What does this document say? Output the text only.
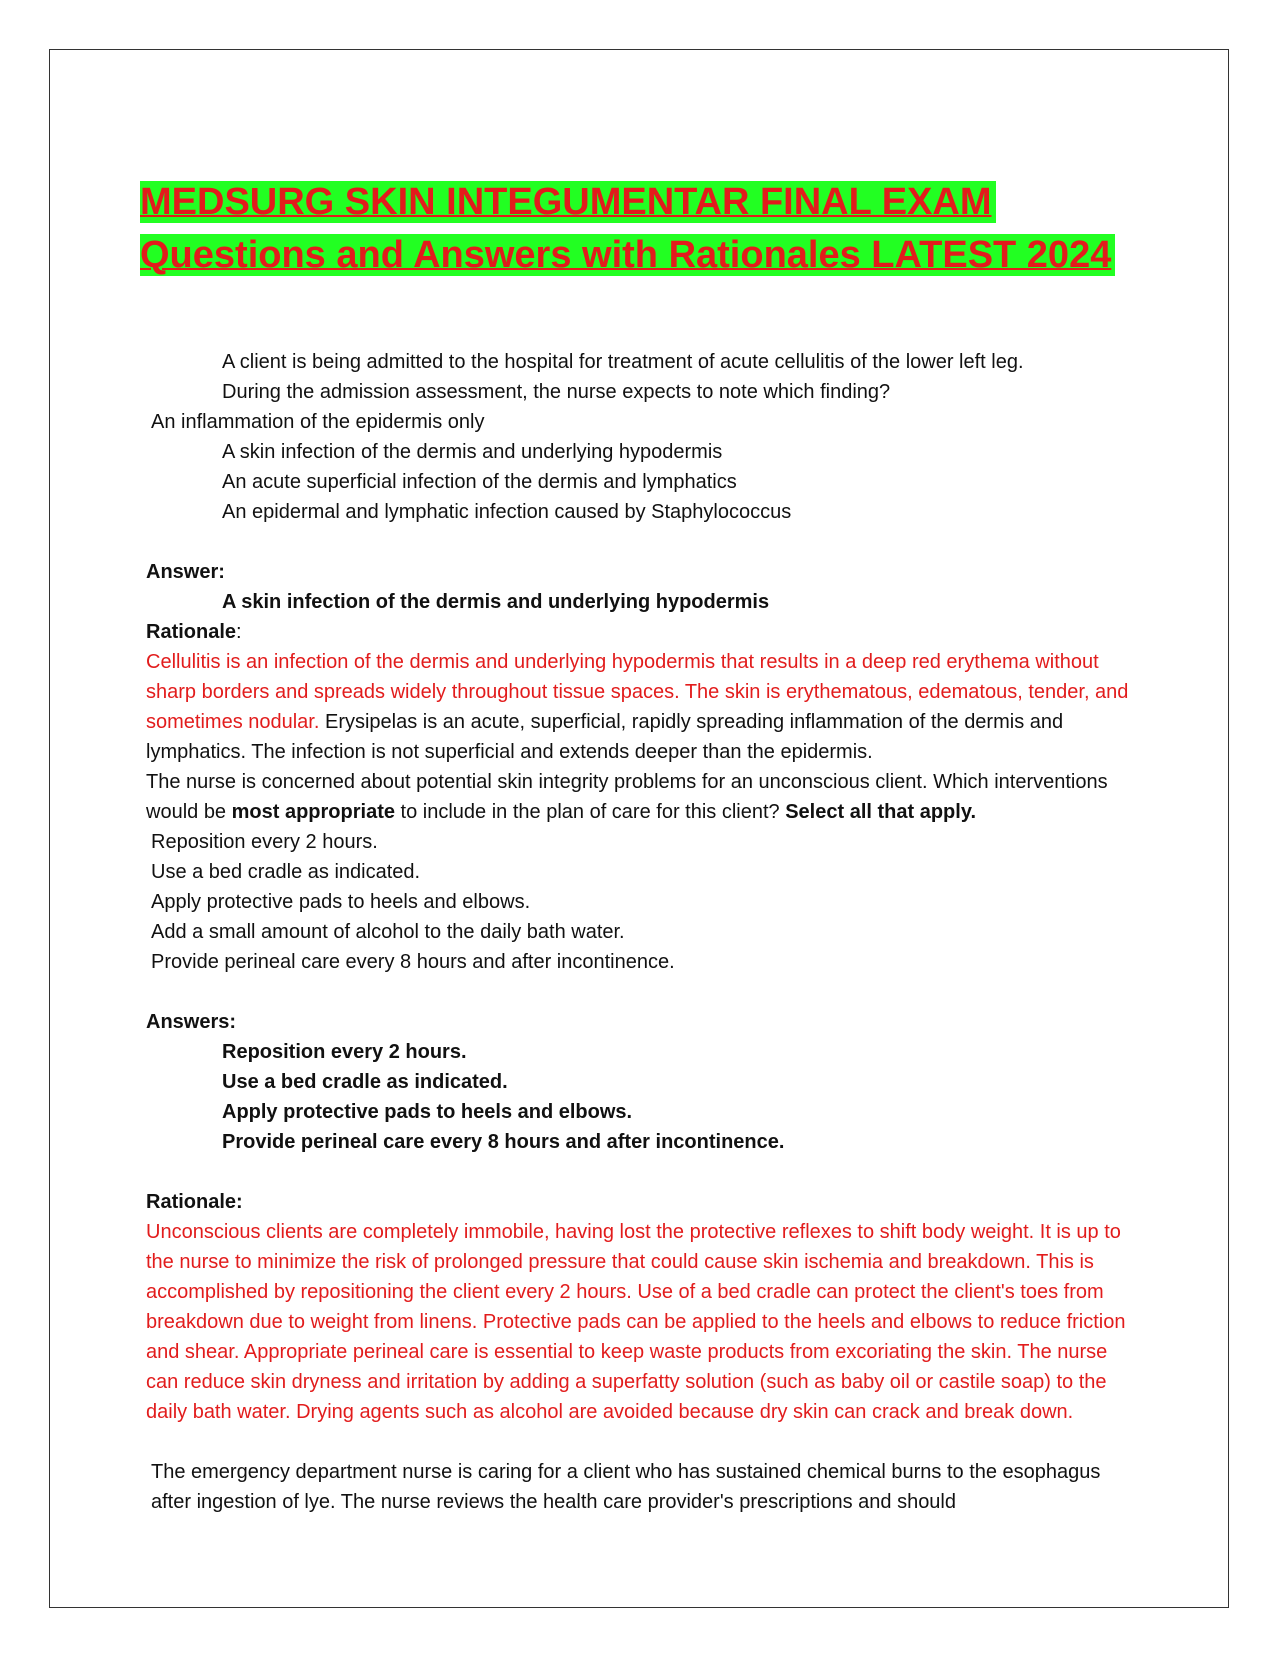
MEDSURG SKIN INTEGUMENTAR FINAL EXAM
Questions and Answers with Rationales LATEST 2024

A client is being admitted to the hospital for treatment of acute cellulitis of the lower left leg.

During the admission assessment, the nurse expects to note which finding?

An inflammation of the epidermis only

A skin infection of the dermis and underlying hypodermis

An acute superficial infection of the dermis and lymphatics

An epidermal and lymphatic infection caused by Staphylococcus

Answer:

A skin infection of the dermis and underlying hypodermis

Rationale:

Cellulitis is an infection of the dermis and underlying hypodermis that results in a deep red erythema without sharp borders and spreads widely throughout tissue spaces. The skin is erythematous, edematous, tender, and sometimes nodular. Erysipelas is an acute, superficial, rapidly spreading inflammation of the dermis and lymphatics. The infection is not superficial and extends deeper than the epidermis.

The nurse is concerned about potential skin integrity problems for an unconscious client. Which interventions would be most appropriate to include in the plan of care for this client? Select all that apply.

Reposition every 2 hours.

Use a bed cradle as indicated.

Apply protective pads to heels and elbows.

Add a small amount of alcohol to the daily bath water.

Provide perineal care every 8 hours and after incontinence.

Answers:

Reposition every 2 hours.

Use a bed cradle as indicated.

Apply protective pads to heels and elbows.

Provide perineal care every 8 hours and after incontinence.

Rationale:

Unconscious clients are completely immobile, having lost the protective reflexes to shift body weight. It is up to the nurse to minimize the risk of prolonged pressure that could cause skin ischemia and breakdown. This is accomplished by repositioning the client every 2 hours. Use of a bed cradle can protect the client's toes from breakdown due to weight from linens. Protective pads can be applied to the heels and elbows to reduce friction and shear. Appropriate perineal care is essential to keep waste products from excoriating the skin. The nurse can reduce skin dryness and irritation by adding a superfatty solution (such as baby oil or castile soap) to the daily bath water. Drying agents such as alcohol are avoided because dry skin can crack and break down.

The emergency department nurse is caring for a client who has sustained chemical burns to the esophagus after ingestion of lye. The nurse reviews the health care provider's prescriptions and should
